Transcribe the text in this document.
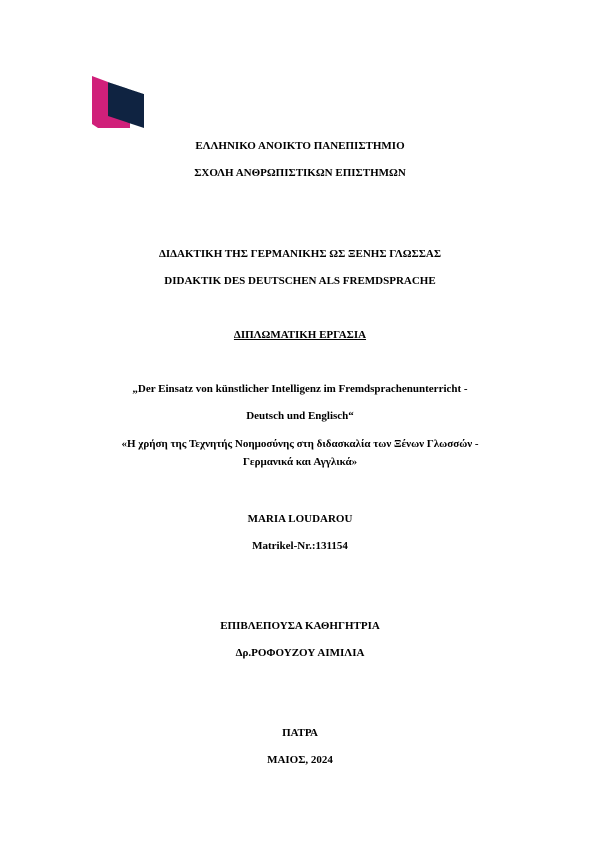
ΕΛΛΗΝΙΚΟ ΑΝΟΙΚΤΟ ΠΑΝΕΠΙΣΤΗΜΙΟ
ΣΧΟΛΗ ΑΝΘΡΩΠΙΣΤΙΚΩΝ ΕΠΙΣΤΗΜΩΝ
ΔΙΔΑΚΤΙΚΗ ΤΗΣ ΓΕΡΜΑΝΙΚΗΣ ΩΣ ΞΕΝΗΣ ΓΛΩΣΣΑΣ
DIDAKTIK DES DEUTSCHEN ALS FREMDSPRACHE
ΔΙΠΛΩΜΑΤΙΚΗ ΕΡΓΑΣΙΑ
„Der Einsatz von künstlicher Intelligenz im Fremdsprachenunterricht -
Deutsch und Englisch“
«Η χρήση της Τεχνητής Νοημοσύνης στη διδασκαλία των Ξένων Γλωσσών -
Γερμανικά και Αγγλικά»
MARIA LOUDAROU
Matrikel-Nr.:131154
ΕΠΙΒΛΕΠΟΥΣΑ ΚΑΘΗΓΗΤΡΙΑ
Δρ.ΡΟΦΟΥΖΟΥ ΑΙΜΙΛΙΑ
ΠΑΤΡΑ
ΜΑΙΟΣ, 2024
